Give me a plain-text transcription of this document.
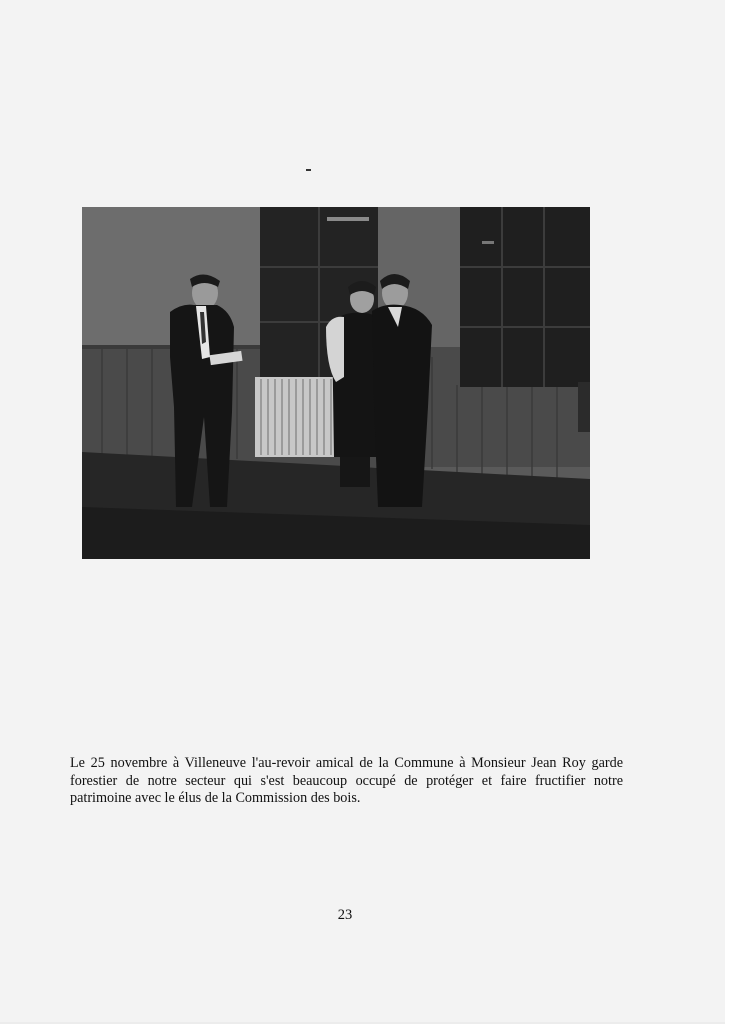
Le 25 novembre à Villeneuve l'au-revoir amical de la Commune à Monsieur Jean Roy garde forestier de notre secteur qui s'est beaucoup occupé de protéger et faire fructifier notre patrimoine avec le élus de la Commission des bois.

23
